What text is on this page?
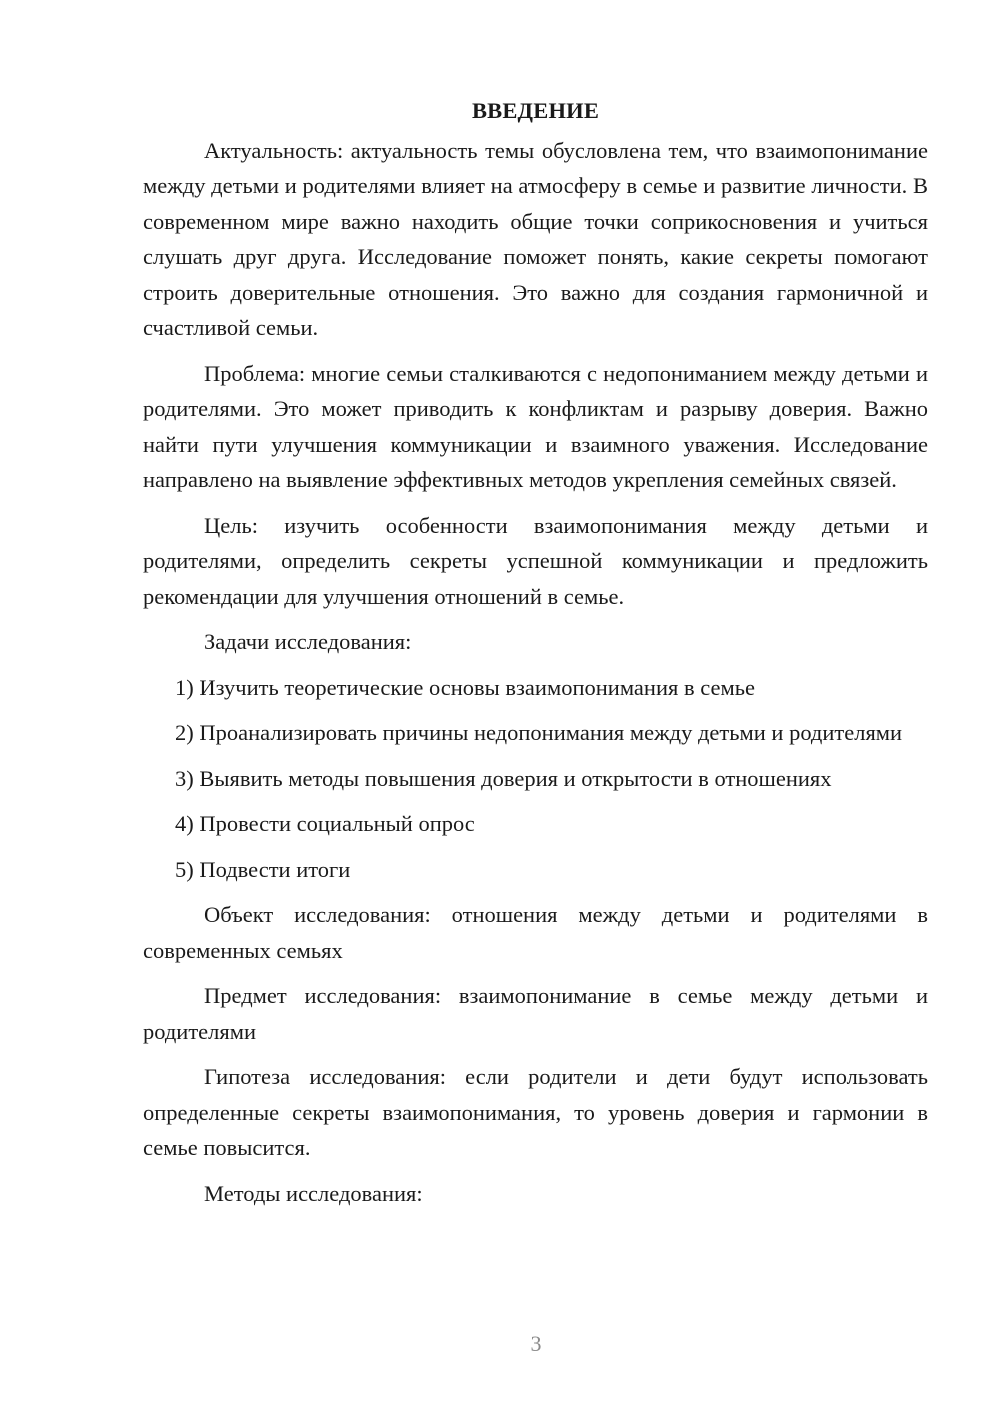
ВВЕДЕНИЕ

Актуальность: актуальность темы обусловлена тем, что взаимопонимание между детьми и родителями влияет на атмосферу в семье и развитие личности. В современном мире важно находить общие точки соприкосновения и учиться слушать друг друга. Исследование поможет понять, какие секреты помогают строить доверительные отношения. Это важно для создания гармоничной и счастливой семьи.

Проблема: многие семьи сталкиваются с недопониманием между детьми и родителями. Это может приводить к конфликтам и разрыву доверия. Важно найти пути улучшения коммуникации и взаимного уважения. Исследование направлено на выявление эффективных методов укрепления семейных связей.

Цель: изучить особенности взаимопонимания между детьми и родителями, определить секреты успешной коммуникации и предложить рекомендации для улучшения отношений в семье.

Задачи исследования:

1) Изучить теоретические основы взаимопонимания в семье

2) Проанализировать причины недопонимания между детьми и родителями

3) Выявить методы повышения доверия и открытости в отношениях

4) Провести социальный опрос

5) Подвести итоги

Объект исследования: отношения между детьми и родителями в современных семьях

Предмет исследования: взаимопонимание в семье между детьми и родителями

Гипотеза исследования: если родители и дети будут использовать определенные секреты взаимопонимания, то уровень доверия и гармонии в семье повысится.

Методы исследования:

3
